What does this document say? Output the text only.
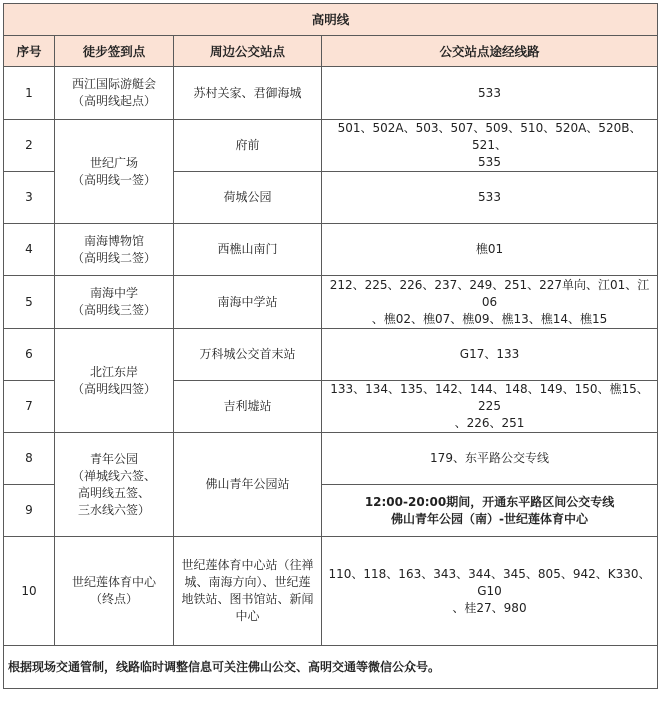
高明线			
序号	徒步签到点	周边公交站点	公交站点途经线路
1	西江国际游艇会
（高明线起点）	苏村关家、君御海城	533
2	世纪广场
（高明线一签）	府前	501、502A、503、507、509、510、520A、520B、521、
535
3		荷城公园	533
4	南海博物馆
（高明线二签）	西樵山南门	樵01
5	南海中学
（高明线三签）	南海中学站	212、225、226、237、249、251、227单向、江01、江06
、樵02、樵07、樵09、樵13、樵14、樵15
6	北江东岸
（高明线四签）	万科城公交首末站	G17、133
7		吉利墟站	133、134、135、142、144、148、149、150、樵15、225
、226、251
8	青年公园
（禅城线六签、
高明线五签、
三水线六签）	佛山青年公园站	179、东平路公交专线
9			12:00-20:00期间，开通东平路区间公交专线
佛山青年公园（南）-世纪莲体育中心
10	世纪莲体育中心
（终点）	世纪莲体育中心站（往禅
城、南海方向）、世纪莲
地铁站、图书馆站、新闻
中心	110、118、163、343、344、345、805、942、K330、G10
、桂27、980
根据现场交通管制，线路临时调整信息可关注佛山公交、高明交通等微信公众号。			
